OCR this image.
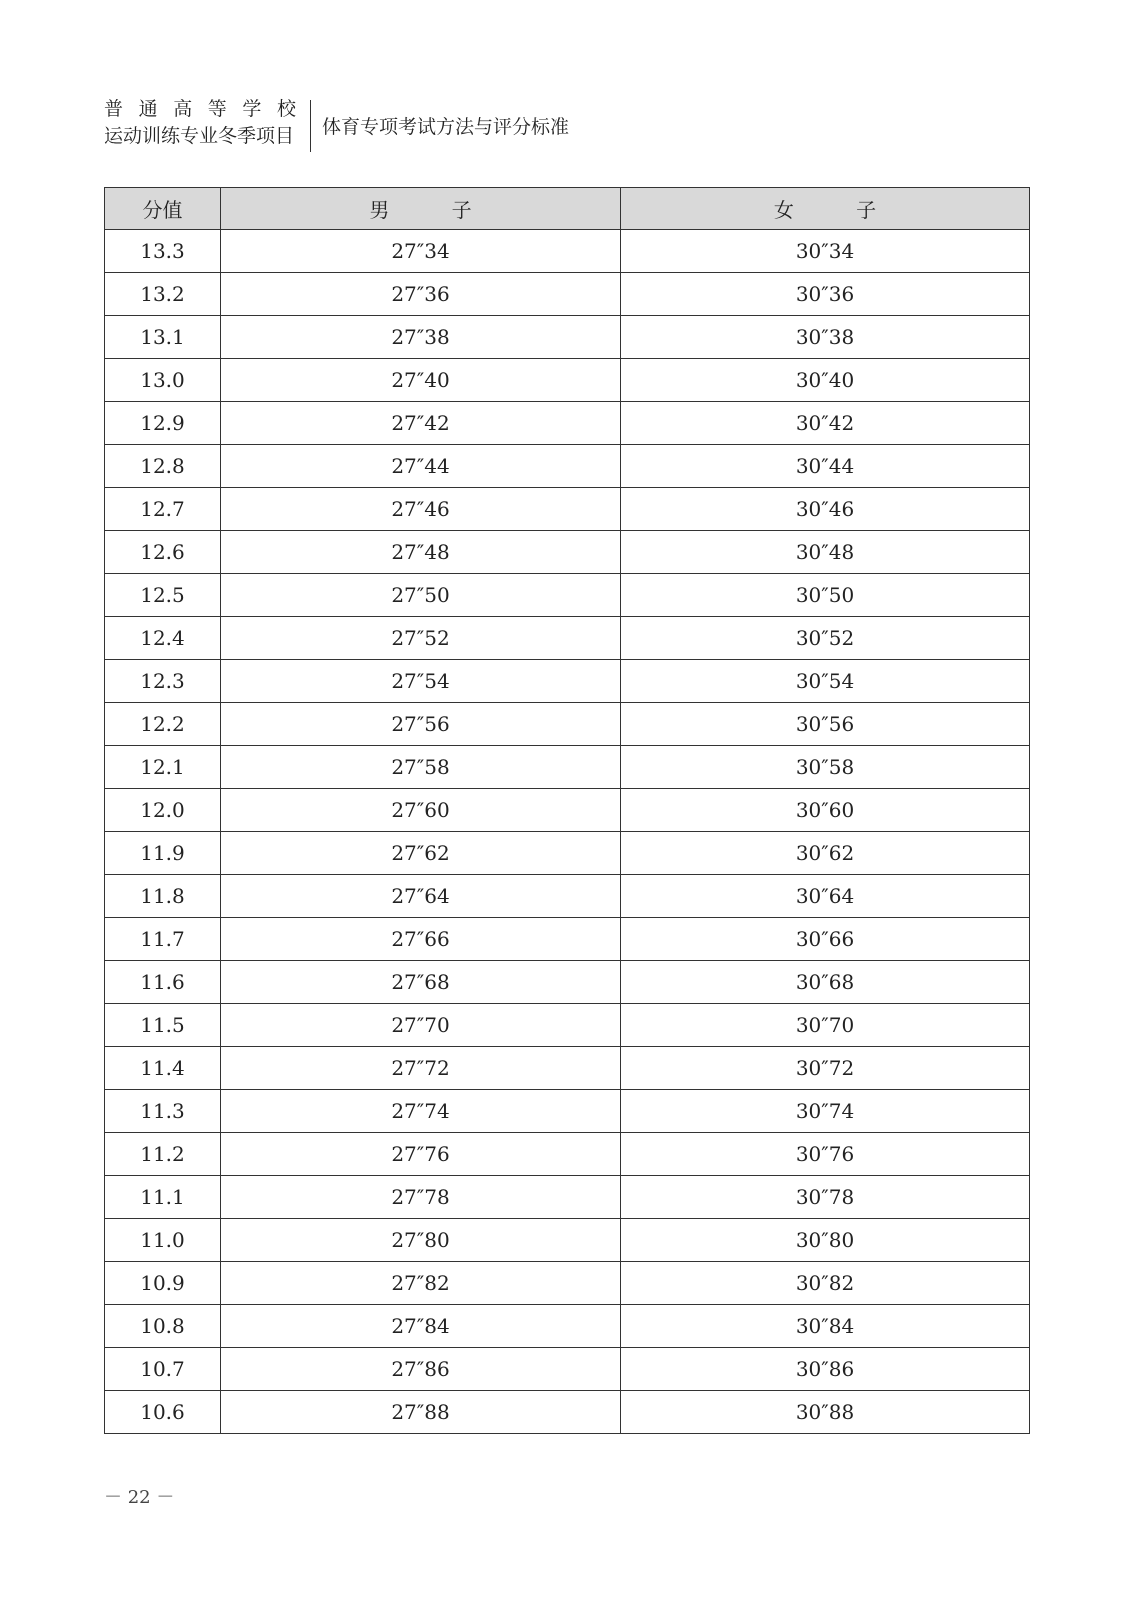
普 通 高 等 学 校
运动训练专业冬季项目	体育专项考试方法与评分标准
分值	男 子	女 子
13.3	27″34	30″34
13.2	27″36	30″36
13.1	27″38	30″38
13.0	27″40	30″40
12.9	27″42	30″42
12.8	27″44	30″44
12.7	27″46	30″46
12.6	27″48	30″48
12.5	27″50	30″50
12.4	27″52	30″52
12.3	27″54	30″54
12.2	27″56	30″56
12.1	27″58	30″58
12.0	27″60	30″60
11.9	27″62	30″62
11.8	27″64	30″64
11.7	27″66	30″66
11.6	27″68	30″68
11.5	27″70	30″70
11.4	27″72	30″72
11.3	27″74	30″74
11.2	27″76	30″76
11.1	27″78	30″78
11.0	27″80	30″80
10.9	27″82	30″82
10.8	27″84	30″84
10.7	27″86	30″86
10.6	27″88	30″88
－ 22 －
